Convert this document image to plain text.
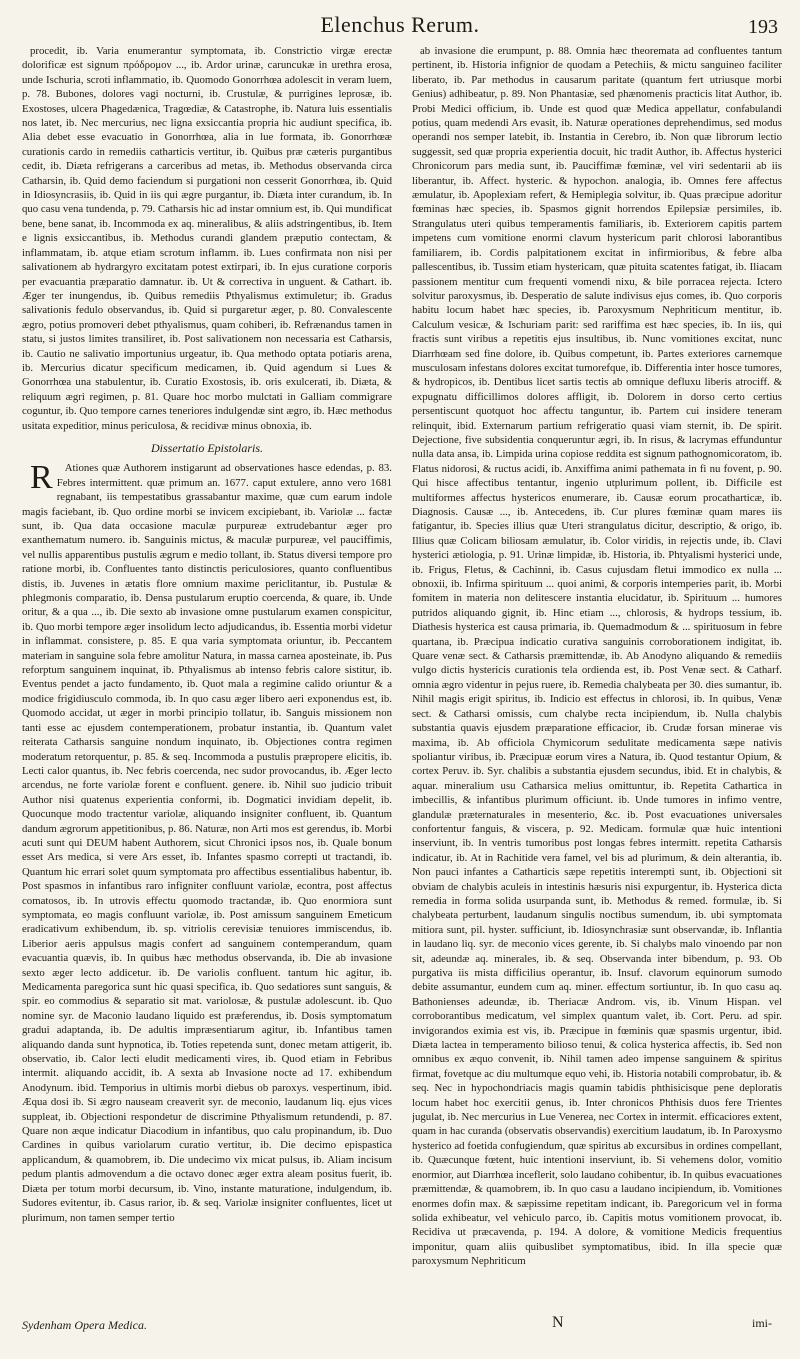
Elenchus Rerum.	193

procedit, ib. Varia enumerantur symptomata, ib. Constrictio virgæ erectæ dolorificæ est signum πρόδρομον ..., ib. Ardor urinæ, caruncukæ in urethra erosa, unde Ischuria, scroti inflammatio, ib. Quomodo Gonorrhœa adolescit in veram luem, p. 78. Bubones, dolores vagi nocturni, ib. Crustulæ, & purrigines leprosæ, ib. Exostoses, ulcera Phagedænica, Tragœdiæ, & Catastrophe, ib. Natura luis essentialis nos latet, ib. Nec mercurius, nec ligna exsiccantia propria hic audiunt specifica, ib. Alia debet esse evacuatio in Gonorrhœa, alia in lue formata, ib. Gonorrhœæ curationis cardo in remediis catharticis vertitur, ib. Quibus præ cæteris purgantibus cedit, ib. Diæta refrigerans a carceribus ad metas, ib. Methodus observanda circa Catharsin, ib. Quid demo faciendum si purgationi non cesserit Gonorrhœa, ib. Quid in Idiosyncrasiis, ib. Quid in iis qui ægre purgantur, ib. Diæta inter curandum, ib. In quo casu vena tundenda, p. 79. Catharsis hic ad instar omnium est, ib. Qui mundificat bene, bene sanat, ib. Incommoda ex aq. mineralibus, & aliis adstringentibus, ib. Item e lignis exsiccantibus, ib. Methodus curandi glandem præputio contectam, & inflammatam, ib. atque etiam scrotum inflamm. ib. Lues confirmata non nisi per salivationem ab hydrargyro excitatam potest extirpari, ib. In ejus curatione corporis per evacuantia præparatio damnatur. ib. Ut & correctiva in unguent. & Cathart. ib. Æger ter inungendus, ib. Quibus remediis Pthyalismus extimuletur; ib. Gradus salivationis fedulo observandus, ib. Quid si purgaretur æger, p. 80. Convalescente ægro, potius promoveri debet pthyalismus, quam cohiberi, ib. Refrænandus tamen in statu, si justos limites transiliret, ib. Post salivationem non necessaria est Catharsis, ib. Cautio ne salivatio importunius urgeatur, ib. Qua methodo optata potiaris arena, ib. Mercurius dicatur specificum medicamen, ib. Quid agendum si Lues & Gonorrhœa una stabulentur, ib. Curatio Exostosis, ib. oris exulcerati, ib. Diæta, & reliquum ægri regimen, p. 81. Quare hoc morbo mulctati in Galliam commigrare coguntur, ib. Quo tempore carnes teneriores indulgendæ sint ægro, ib. Hæc methodus usitata expeditior, minus periculosa, & recidivæ minus obnoxia, ib.

Dissertatio Epistolaris.

R	Ationes quæ Authorem instigarunt ad observationes hasce edendas, p. 83. Febres intermittent. quæ primum an. 1677. caput extulere, anno vero 1681 regnabant, iis tempestatibus grassabantur maxime, quæ cum earum indole magis faciebant, ib. Quo ordine morbi se invicem excipiebant, ib. Variolæ ... factæ sunt, ib. Qua data occasione maculæ purpureæ extrudebantur æger pro exanthematum numero. ib. Sanguinis mictus, & maculæ purpureæ, vel pauciffimis, vel nullis apparentibus pustulis ægrum e medio tollant, ib. Status diversi tempore pro ratione morbi, ib. Confluentes tanto distinctis periculosiores, quanto confluentibus distis, ib. Juvenes in ætatis flore omnium maxime periclitantur, ib. Pustulæ & phlegmonis comparatio, ib. Densa pustularum eruptio coercenda, & quare, ib. Unde oritur, & a qua ..., ib. Die sexto ab invasione omne pustularum examen conspicitur, ib. Quo morbi tempore æger insolidum lecto adjudicandus, ib. Essentia morbi videtur in inflammat. consistere, p. 85. E qua varia symptomata oriuntur, ib. Peccantem materiam in sanguine sola febre amolitur Natura, in massa carnea aposteinate, ib. Pus reforptum sanguinem inquinat, ib. Pthyalismus ab intenso febris calore sistitur, ib. Eventus pendet a jacto fundamento, ib. Quot mala a regimine calido oriuntur & a modice frigidiusculo commoda, ib. In quo casu æger libero aeri exponendus est, ib. Quomodo accidat, ut æger in morbi principio tollatur, ib. Sanguis missionem non tanti esse ac ejusdem contemperationem, probatur instantia, ib. Quantum valet reiterata Catharsis sanguine nondum inquinato, ib. Objectiones contra regimen moderatum retorquentur, p. 85. & seq. Incommoda a pustulis præpropere elicitis, ib. Lecti calor quantus, ib. Nec febris coercenda, nec sudor provocandus, ib. Æger lecto arcendus, ne forte variolæ forent e confluent. genere. ib. Nihil suo judicio tribuit Author nisi quatenus experientia conformi, ib. Dogmatici invidiam depelit, ib. Quocunque modo tractentur variolæ, aliquando insigniter confluent, ib. Quantum dandum ægrorum appetitionibus, p. 86. Naturæ, non Arti mos est gerendus, ib. Morbi acuti sunt qui DEUM habent Authorem, sicut Chronici ipsos nos, ib. Quale bonum esset Ars medica, si vere Ars esset, ib. Infantes spasmo correpti ut tractandi, ib. Quantum hic errari solet quum symptomata pro affectibus essentialibus habentur, ib. Post spasmos in infantibus raro infigniter confluunt variolæ, econtra, post affectus comatosos, ib. In utrovis effectu quomodo tractandæ, ib. Quo enormiora sunt symptomata, eo magis confluunt variolæ, ib. Post amissum sanguinem Emeticum eradicativum exhibendum, ib. sp. vitriolis cerevisiæ tenuiores immiscendus, ib. Liberior aeris appulsus magis confert ad sanguinem contemperandum, quam evacuantia quævis, ib. In quibus hæc methodus observanda, ib. Die ab invasione sexto æger lecto addicetur. ib. De variolis confluent. tantum hic agitur, ib. Medicamenta paregorica sunt hic quasi specifica, ib. Quo sedatiores sunt sanguis, & spir. eo commodius & separatio sit mat. variolosæ, & pustulæ adolescunt. ib. Quo nomine syr. de Maconio laudano liquido est præferendus, ib. Dosis symptomatum gradui adaptanda, ib. De adultis impræsentiarum agitur, ib. Infantibus tamen aliquando danda sunt hypnotica, ib. Toties repetenda sunt, donec metam attigerit, ib. observatio, ib. Calor lecti eludit medicamenti vires, ib. Quod etiam in Febribus intermit. aliquando accidit, ib. A sexta ab Invasione nocte ad 17. exhibendum Anodynum. ibid. Temporius in ultimis morbi diebus ob paroxys. vespertinum, ibid. Æqua dosi ib. Si ægro nauseam creaverit syr. de meconio, laudanum liq. ejus vices suppleat, ib. Objectioni respondetur de discrimine Pthyalismum retundendi, p. 87. Quare non æque indicatur Diacodium in infantibus, quo calu propinandum, ib. Duo Cardines in quibus variolarum curatio vertitur, ib. Die decimo epispastica applicandum, & quamobrem, ib. Die undecimo vix micat pulsus, ib. Aliam incisum pedum plantis admovendum a die octavo donec æger extra aleam positus fuerit, ib. Diæta per totum morbi decursum, ib. Vino, instante maturatione, indulgendum, ib. Sudores evitentur, ib. Casus rarior, ib. & seq. Variolæ insigniter confluentes, licet ut plurimum, non tamen semper tertio

ab invasione die erumpunt, p. 88. Omnia hæc theoremata ad confluentes tantum pertinent, ib. Historia infignior de quodam a Petechiis, & mictu sanguineo faciliter liberato, ib. Par methodus in causarum paritate (quantum fert utriusque morbi Genius) adhibeatur, p. 89. Non Phantasiæ, sed phænomenis practicis litat Author, ib. Probi Medici officium, ib. Unde est quod quæ Medica appellatur, confabulandi potius, quam medendi Ars evasit, ib. Naturæ operationes deprehendimus, sed modus operandi nos semper latebit, ib. Instantia in Cerebro, ib. Non quæ librorum lectio suggessit, sed quæ propria experientia docuit, hic tradit Author, ib. Affectus hysterici Chronicorum pars media sunt, ib. Pauciffimæ fœminæ, vel viri sedentarii ab iis liberantur, ib. Affect. hysteric. & hypochon. analogia, ib. Omnes fere affectus æmulatur, ib. Apoplexiam refert, & Hemiplegia solvitur, ib. Quas præcipue adoritur fœminas hæc species, ib. Spasmos gignit horrendos Epilepsiæ persimiles, ib. Strangulatus uteri quibus temperamentis familiaris, ib. Exteriorem capitis partem impetens cum vomitione enormi clavum hystericum parit chlorosi laborantibus familiarem, ib. Cordis palpitationem excitat in infirmioribus, & febre alba pallescentibus, ib. Tussim etiam hystericam, quæ pituita scatentes fatigat, ib. Iliacam passionem mentitur cum frequenti vomendi nixu, & bile porracea rejecta. Icterο solvitur paroxysmus, ib. Desperatio de salute indivisus ejus comes, ib. Quo corporis habitu locum habet hæc species, ib. Paroxysmum Nephriticum mentitur, ib. Calculum vesicæ, & Ischuriam parit: sed rariffima est hæc species, ib. In iis, qui fractis sunt viribus a repetitis ejus insultibus, ib. Nunc vomitiones excitat, nunc Diarrhœam sed fine dolore, ib. Quibus competunt, ib. Partes exteriores carnemque musculosam infestans dolores excitat tumorefque, ib. Differentia inter hosce tumores, & hydropicos, ib. Dentibus licet sartis tectis ab omnique defluxu liberis atrociff. & expugnatu difficillimos dolores affligit, ib. Dolorem in dorso certo certius persentiscunt quotquot hoc affectu tanguntur, ib. Partem cui insidere teneram relinquit, ibid. Externarum partium refrigeratio quasi viam sternit, ib. De spirit. Dejectione, five subsidentia conqueruntur ægri, ib. In risus, & lacrymas effunduntur nulla data ansa, ib. Limpida urina copiose reddita est signum pathognomicoratom, ib. Flatus nidorosi, & ructus acidi, ib. Anxiffima animi pathemata in fi nu fovent, p. 90. Qui hisce affectibus tentantur, ingenio utplurimum pollent, ib. Difficile est multiformes affectus hystericos enumerare, ib. Causæ eorum procatharticæ, ib. Diagnosis. Causæ ..., ib. Antecedens, ib. Cur plures fœminæ quam mares iis fatigantur, ib. Species illius quæ Uteri strangulatus dicitur, descriptio, & origo, ib. Illius quæ Colicam biliosam æmulatur, ib. Color viridis, in rejectis unde, ib. Clavi hysterici ætiologia, p. 91. Urinæ limpidæ, ib. Historia, ib. Phtyalismi hysterici unde, ib. Frigus, Fletus, & Cachinni, ib. Casus cujusdam fletui immodico ex nulla ... obnoxii, ib. Infirma spirituum ... quoi animi, & corporis intemperies parit, ib. Morbi fomitem in materia non delitescere instantia elucidatur, ib. Spirituum ... humores putridos aliquando gignit, ib. Hinc etiam ..., chlorosis, & hydrops tessium, ib. Diathesis hysterica est causa primaria, ib. Quemadmodum & ... spirituosum in febre quartana, ib. Præcipua indicatio curativa sanguinis corroborationem indigitat, ib. Quare venæ sect. & Catharsis præmittendæ, ib. Ab Anodyno aliquando & remediis vulgo dictis hystericis curationis tela ordienda est, ib. Post Venæ sect. & Catharf. omnia ægro videntur in pejus ruere, ib. Remedia chalybeata per 30. dies sumantur, ib. Nihil magis erigit spiritus, ib. Indicio est effectus in chlorosi, ib. In quibus, Venæ sect. & Catharsi omissis, cum chalybe recta incipiendum, ib. Nulla chalybis substantia quavis ejusdem præparatione efficacior, ib. Crudæ forsan minerae vis maxima, ib. Ab officiola Chymicorum sedulitate medicamenta sæpe nativis spoliantur viribus, ib. Præcipuæ eorum vires a Natura, ib. Quod testantur Opium, & cortex Peruv. ib. Syr. chalibis a substantia ejusdem secundus, ibid. Et in chalybis, & aquar. mineralium usu Catharsica melius omittuntur, ib. Repetita Cathartica in imbecillis, & infantibus plurimum officiunt. ib. Unde tumores in infimo ventre, glandulæ præternaturales in mesenterio, &c. ib. Post evacuationes universales confortentur fanguis, & viscera, p. 92. Medicam. formulæ quæ huic intentioni inserviunt, ib. In ventris tumoribus post longas febres intermitt. repetita Catharsis indicatur, ib. At in Rachitide vera famel, vel bis ad plurimum, & dein alterantia, ib. Non pauci infantes a Catharticis sæpe repetitis interempti sunt, ib. Objectioni sit obviam de chalybis aculeis in intestinis hæsuris nisi expurgentur, ib. Hysterica dicta remedia in forma solida usurpanda sunt, ib. Methodus & remed. formulæ, ib. Si chalybeata perturbent, laudanum singulis noctibus sumendum, ib. ubi symptomata mitiora sunt, pil. hyster. sufficiunt, ib. Idiosynchrasiæ sunt observandæ, ib. Inflantia in laudano liq. syr. de meconio vices gerente, ib. Si chalybs malo vinoendo par non sit, adeundæ aq. minerales, ib. & seq. Observanda inter bibendum, p. 93. Ob purgativa iis mista difficilius operantur, ib. Insuf. clavorum equinorum sumodo debite assumantur, eundem cum aq. miner. effectum sortiuntur, ib. In quo casu aq. Bathonienses adeundæ, ib. Theriacæ Androm. vis, ib. Vinum Hispan. vel corroborantibus medicatum, vel simplex quantum valet, ib. Cort. Peru. ad spir. invigorandos eximia est vis, ib. Præcipue in fœminis quæ spasmis urgentur, ibid. Diæta lactea in temperamento bilioso tenui, & colica hysterica affectis, ib. Sed non omnibus ex æquo convenit, ib. Nihil tamen adeo impense sanguinem & spiritus firmat, fovetque ac diu multumque equo vehi, ib. Historia notabili comprobatur, ib. & seq. Nec in hypochondriacis magis quamin tabidis phthisicisque pene deploratis locum habet hoc exercitii genus, ib. Inter chronicos Phthisis duos fere Trientes jugulat, ib. Nec mercurius in Lue Venerea, nec Cortex in intermit. efficaciores extent, quam in hac curanda (observatis observandis) exercitium laudatum, ib. In Paroxysmo hysterico ad foetida confugiendum, quæ spiritus ab excursibus in ordines compellant, ib. Quæcunque fœtent, huic intentioni inserviunt, ib. Si vehemens dolor, vomitio enormior, aut Diarrhœa inceflerit, solo laudano cohibentur, ib. In quibus evacuationes præmittendæ, & quamobrem, ib. In quo casu a laudano incipiendum, ib. Vomitiones enormes dofin max. & sæpissime repetitam indicant, ib. Paregoricum vel in forma solida exhibeatur, vel vehiculo parco, ib. Capitis motus vomitionem provocat, ib. Recidiva ut præcavenda, p. 194. A dolore, & vomitione Medicis frequentius imponitur, quam aliis quibuslibet symptomatibus, ibid. In illa specie quæ paroxysmum Nephriticum

Sydenham Opera Medica.	N	imi-
